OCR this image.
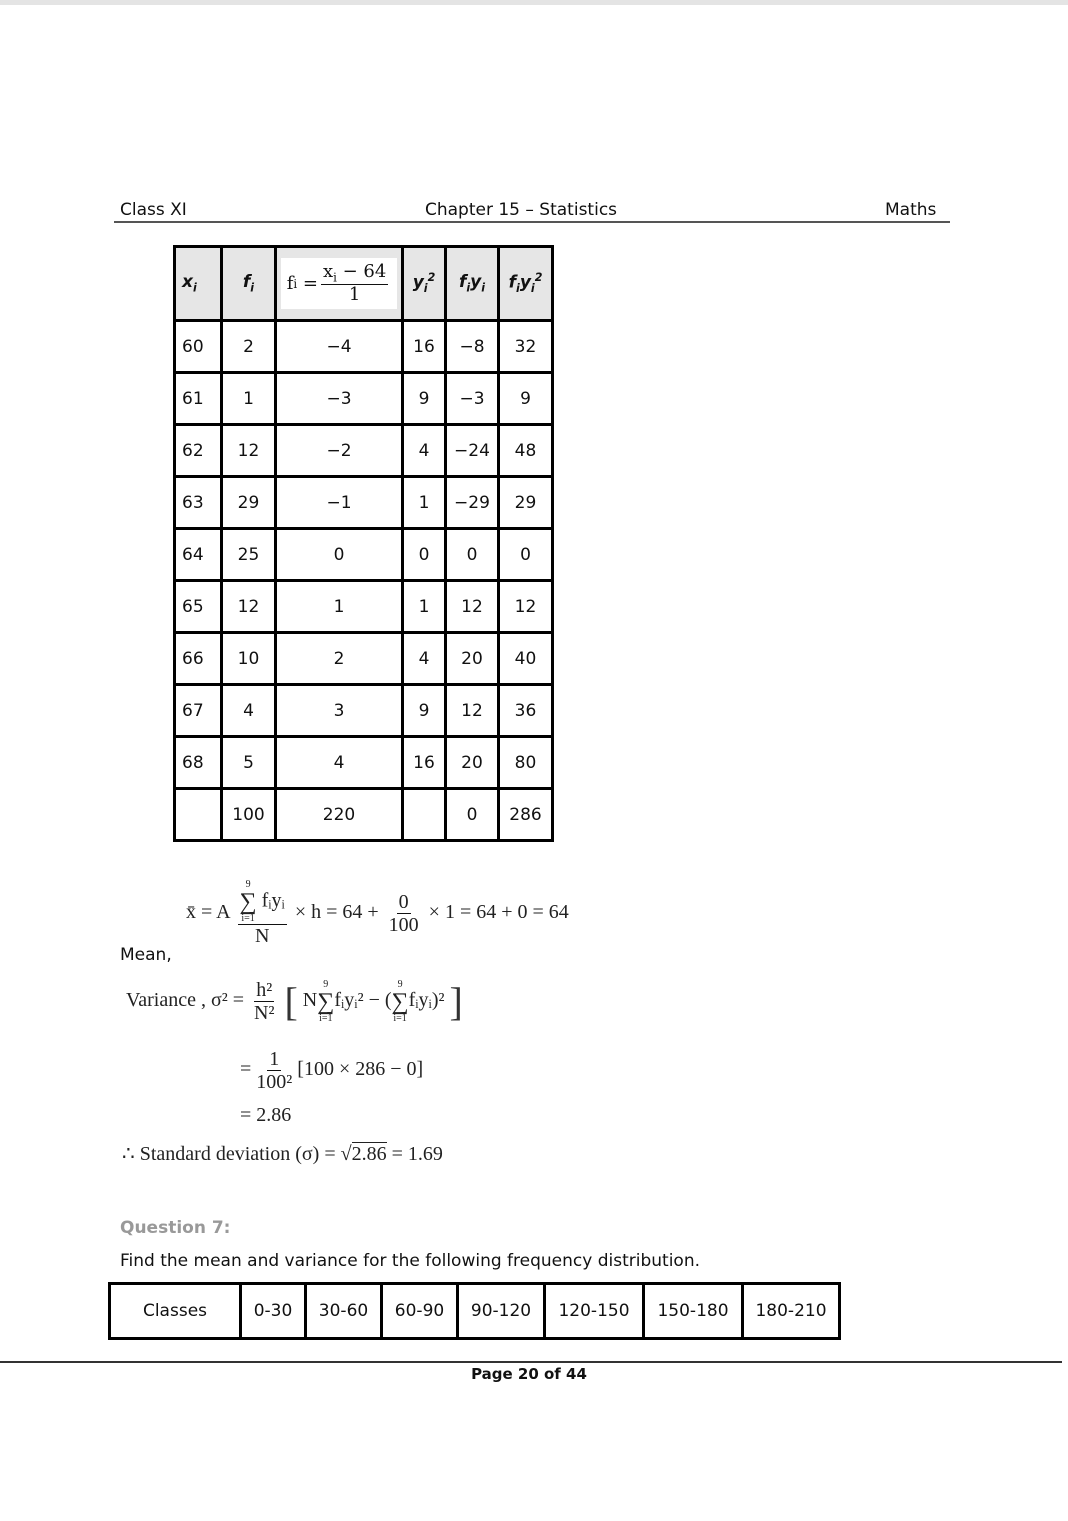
Class XI	Chapter 15 – Statistics	Maths
$x_i$	$f_i$	f $i = \frac{x_i - 64}{1}$	$y_i^2$	$f_iy_i$	$f_iy_i^2$
60	2	−4	16	−8	32
61	1	−3	9	−3	9
62	12	−2	4	−24	48
63	29	−1	1	−29	29
64	25	0	0	0	0
65	12	1	1	12	12
66	10	2	4	20	40
67	4	3	9	12	36
68	5	4	16	20	80
	100	220		0	286
Mean,
x̄ = A 9
∑
i=1
fᵢyᵢ
$N \times h = 64 + \frac{0}{100} \times 1 = 64 + 0 = 64$
Variance , $\sigma^2 = \frac{\text{h²}}{\text{N²}}$ [ N
9
∑
i=1
fᵢyᵢ² − (
9
∑
i=1
fᵢyᵢ)² ]
= $\frac{1}{\text{100²}} [100 \times 286 - 0]$
= 2.86
∴ Standard deviation (σ) = √2.86 = 1.69
Question 7:
Find the mean and variance for the following frequency distribution.
Classes	0-30	30-60	60-90	90-120	120-150	150-180	180-210
Page 20 of 44
